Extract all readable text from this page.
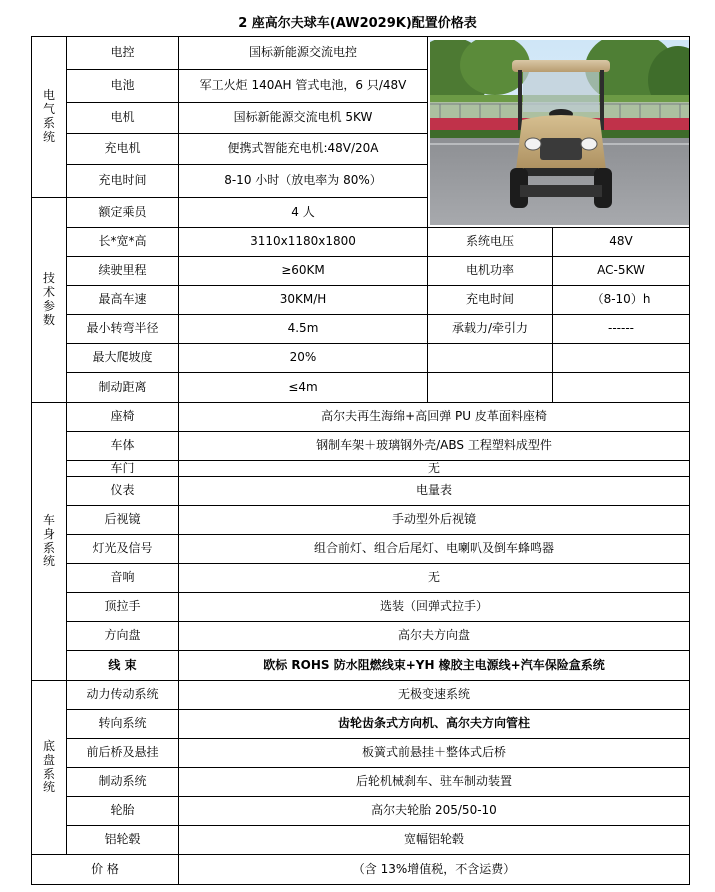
2 座高尔夫球车(AW2029K)配置价格表
电气系统	电控	国标新能源交流电控	

	电池	军工火炬 140AH 管式电池，6 只/48V		
	电机	国标新能源交流电机 5KW		
	充电机	便携式智能充电机:48V/20A		
	充电时间	8-10 小时（放电率为 80%）		
技术参数	额定乘员	4 人		
	长*宽*高	3110x1180x1800	系统电压	48V
	续驶里程	≥60KM	电机功率	AC-5KW
	最高车速	30KM/H	充电时间	（8-10）h
	最小转弯半径	4.5m	承载力/牵引力	------
	最大爬坡度	20%		
	制动距离	≤4m		
车身系统	座椅	高尔夫再生海绵+高回弹 PU 皮革面料座椅		
	车体	钢制车架＋玻璃钢外壳/ABS 工程塑料成型件		
	车门	无		
	仪表	电量表		
	后视镜	手动型外后视镜		
	灯光及信号	组合前灯、组合后尾灯、电喇叭及倒车蜂鸣器		
	音响	无		
	顶拉手	选装（回弹式拉手）		
	方向盘	高尔夫方向盘		
	线 束	欧标 ROHS 防水阻燃线束+YH 橡胶主电源线+汽车保险盒系统		
底盘系统	动力传动系统	无极变速系统		
	转向系统	齿轮齿条式方向机、高尔夫方向管柱		
	前后桥及悬挂	板簧式前悬挂＋整体式后桥		
	制动系统	后轮机械刹车、驻车制动装置		
	轮胎	高尔夫轮胎 205/50-10		
	铝轮毂	宽幅铝轮毂		
价 格		（含 13%增值税，不含运费）		
